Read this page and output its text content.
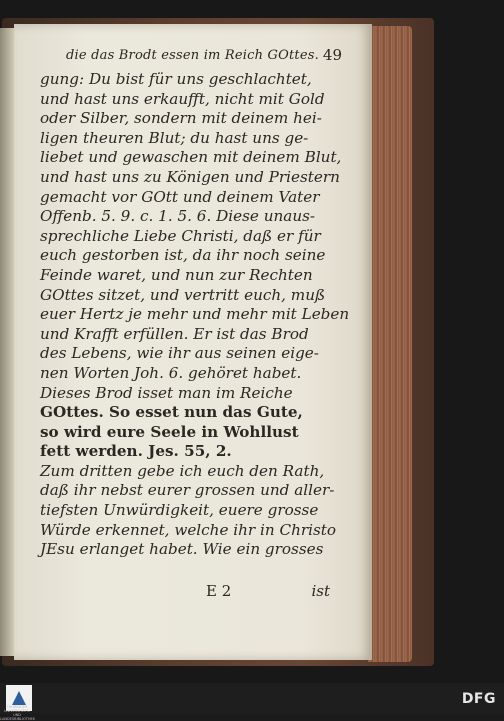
die das Brodt essen im Reich GOttes. 49
gung: Du bist für uns geschlachtet,
und hast uns erkaufft, nicht mit Gold
oder Silber, sondern mit deinem hei-
ligen theuren Blut; du hast uns ge-
liebet und gewaschen mit deinem Blut,
und hast uns zu Königen und Priestern
gemacht vor GOtt und deinem Vater
Offenb. 5. 9. c. 1. 5. 6. Diese unaus-
sprechliche Liebe Christi, daß er für
euch gestorben ist, da ihr noch seine
Feinde waret, und nun zur Rechten
GOttes sitzet, und vertritt euch, muß
euer Hertz je mehr und mehr mit Leben
und Krafft erfüllen. Er ist das Brod
des Lebens, wie ihr aus seinen eige-
nen Worten Joh. 6. gehöret habet.
Dieses Brod isset man im Reiche
GOttes. So esset nun das Gute,
so wird eure Seele in Wohllust
fett werden. Jes. 55, 2.
Zum dritten gebe ich euch den Rath,
daß ihr nebst eurer grossen und aller-
tiefsten Unwürdigkeit, euere grosse
Würde erkennet, welche ihr in Christo
JEsu erlanget habet. Wie ein grosses
E 2	ist
THÜRINGER UNIVERSITÄTS- UND LANDESBIBLIOTHEK
DFG
